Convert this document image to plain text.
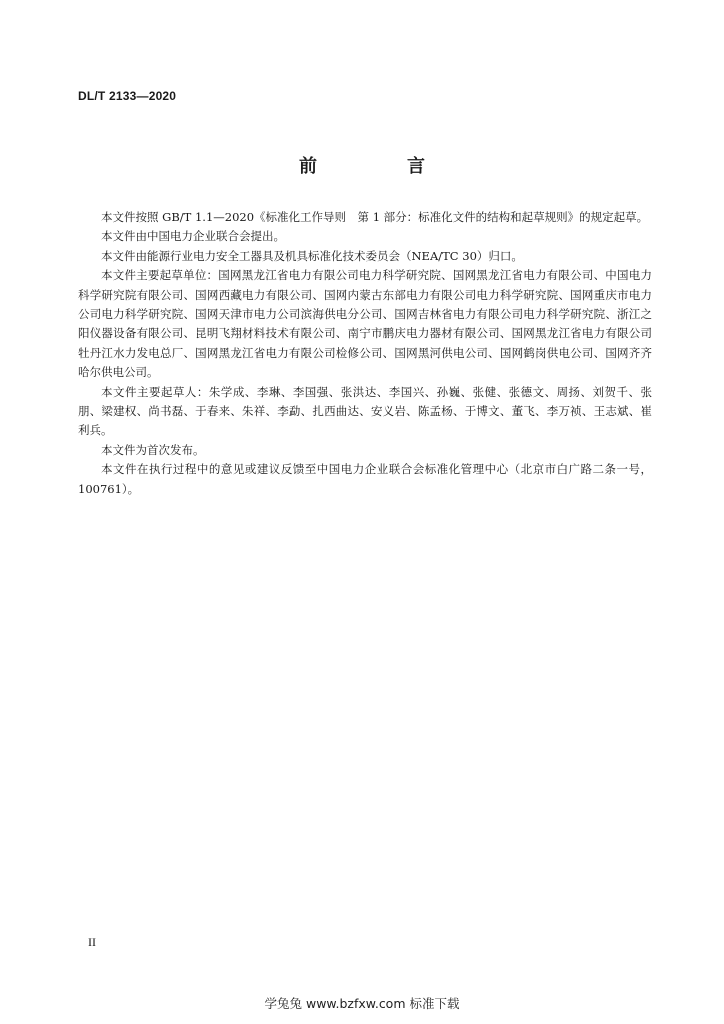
DL/T 2133—2020
前　言

本文件按照 GB/T 1.1—2020《标准化工作导则　第 1 部分：标准化文件的结构和起草规则》的规定起草。

本文件由中国电力企业联合会提出。

本文件由能源行业电力安全工器具及机具标准化技术委员会（NEA/TC 30）归口。

本文件主要起草单位：国网黑龙江省电力有限公司电力科学研究院、国网黑龙江省电力有限公司、中国电力科学研究院有限公司、国网西藏电力有限公司、国网内蒙古东部电力有限公司电力科学研究院、国网重庆市电力公司电力科学研究院、国网天津市电力公司滨海供电分公司、国网吉林省电力有限公司电力科学研究院、浙江之阳仪器设备有限公司、昆明飞翔材料技术有限公司、南宁市鹏庆电力器材有限公司、国网黑龙江省电力有限公司牡丹江水力发电总厂、国网黑龙江省电力有限公司检修公司、国网黑河供电公司、国网鹤岗供电公司、国网齐齐哈尔供电公司。

本文件主要起草人：朱学成、李琳、李国强、张洪达、李国兴、孙巍、张健、张德文、周扬、刘贺千、张朋、梁建权、尚书磊、于春来、朱祥、李勐、扎西曲达、安义岩、陈孟杨、于博文、董飞、李万祯、王志斌、崔利兵。

本文件为首次发布。

本文件在执行过程中的意见或建议反馈至中国电力企业联合会标准化管理中心（北京市白广路二条一号，100761）。

II
学兔兔 www.bzfxw.com 标准下载
